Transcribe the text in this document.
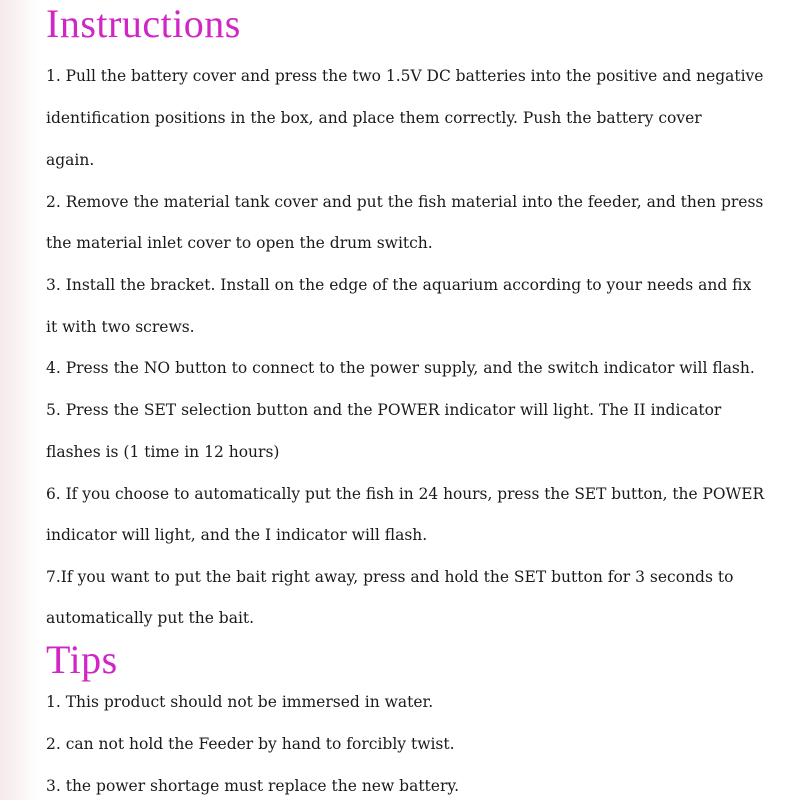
Instructions
1. Pull the battery cover and press the two 1.5V DC batteries into the positive and negative
identification positions in the box, and place them correctly. Push the battery cover
again.
2. Remove the material tank cover and put the fish material into the feeder, and then press
the material inlet cover to open the drum switch.
3. Install the bracket. Install on the edge of the aquarium according to your needs and fix
it with two screws.
4. Press the NO button to connect to the power supply, and the switch indicator will flash.
5. Press the SET selection button and the POWER indicator will light. The II indicator
flashes is (1 time in 12 hours)
6. If you choose to automatically put the fish in 24 hours, press the SET button, the POWER
indicator will light, and the I indicator will flash.
7.If you want to put the bait right away, press and hold the SET button for 3 seconds to
automatically put the bait.
Tips
1. This product should not be immersed in water.
2. can not hold the Feeder by hand to forcibly twist.
3. the power shortage must replace the new battery.
